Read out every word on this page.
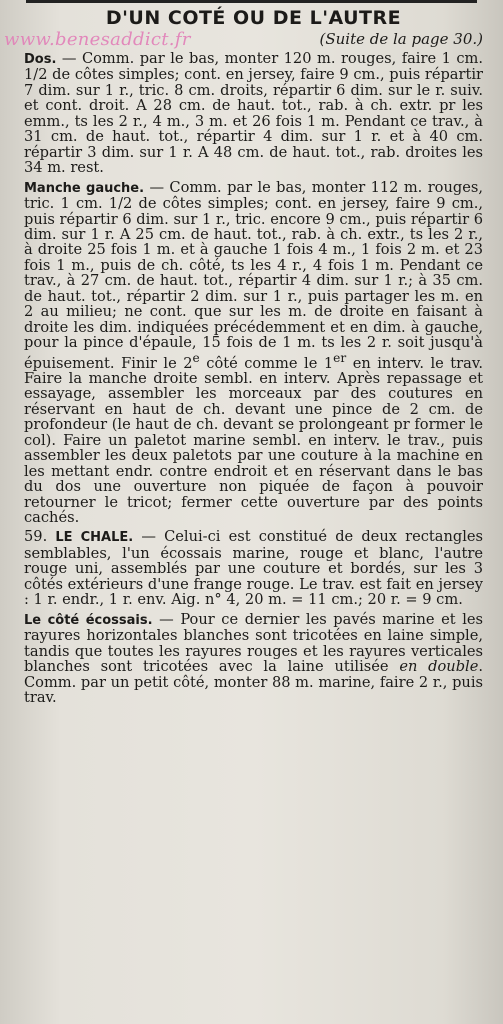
D'UN COTÉ OU DE L'AUTRE
www.benesaddict.fr	(Suite de la page 30.)

Dos. — Comm. par le bas, monter 120 m. rouges, faire 1 cm. 1/2 de côtes simples; cont. en jersey, faire 9 cm., puis répartir 7 dim. sur 1 r., tric. 8 cm. droits, répartir 6 dim. sur le r. suiv. et cont. droit. A 28 cm. de haut. tot., rab. à ch. extr. pr les emm., ts les 2 r., 4 m., 3 m. et 26 fois 1 m. Pendant ce trav., à 31 cm. de haut. tot., répartir 4 dim. sur 1 r. et à 40 cm. répartir 3 dim. sur 1 r. A 48 cm. de haut. tot., rab. droites les 34 m. rest.

Manche gauche. — Comm. par le bas, monter 112 m. rouges, tric. 1 cm. 1/2 de côtes simples; cont. en jersey, faire 9 cm., puis répartir 6 dim. sur 1 r., tric. encore 9 cm., puis répartir 6 dim. sur 1 r. A 25 cm. de haut. tot., rab. à ch. extr., ts les 2 r., à droite 25 fois 1 m. et à gauche 1 fois 4 m., 1 fois 2 m. et 23 fois 1 m., puis de ch. côté, ts les 4 r., 4 fois 1 m. Pendant ce trav., à 27 cm. de haut. tot., répartir 4 dim. sur 1 r.; à 35 cm. de haut. tot., répartir 2 dim. sur 1 r., puis partager les m. en 2 au milieu; ne cont. que sur les m. de droite en faisant à droite les dim. indiquées précédemment et en dim. à gauche, pour la pince d'épaule, 15 fois de 1 m. ts les 2 r. soit jusqu'à épuisement. Finir le 2e côté comme le 1er en interv. le trav. Faire la manche droite sembl. en interv. Après repassage et essayage, assembler les morceaux par des coutures en réservant en haut de ch. devant une pince de 2 cm. de profondeur (le haut de ch. devant se prolongeant pr former le col). Faire un paletot marine sembl. en interv. le trav., puis assembler les deux paletots par une couture à la machine en les mettant endr. contre endroit et en réservant dans le bas du dos une ouverture non piquée de façon à pouvoir retourner le tricot; fermer cette ouverture par des points cachés.

59. LE CHALE. — Celui-ci est constitué de deux rectangles semblables, l'un écossais marine, rouge et blanc, l'autre rouge uni, assemblés par une couture et bordés, sur les 3 côtés extérieurs d'une frange rouge. Le trav. est fait en jersey : 1 r. endr., 1 r. env. Aig. n° 4, 20 m. = 11 cm.; 20 r. = 9 cm.

Le côté écossais. — Pour ce dernier les pavés marine et les rayures horizontales blanches sont tricotées en laine simple, tandis que toutes les rayures rouges et les rayures verticales blanches sont tricotées avec la laine utilisée en double. Comm. par un petit côté, monter 88 m. marine, faire 2 r., puis trav.
